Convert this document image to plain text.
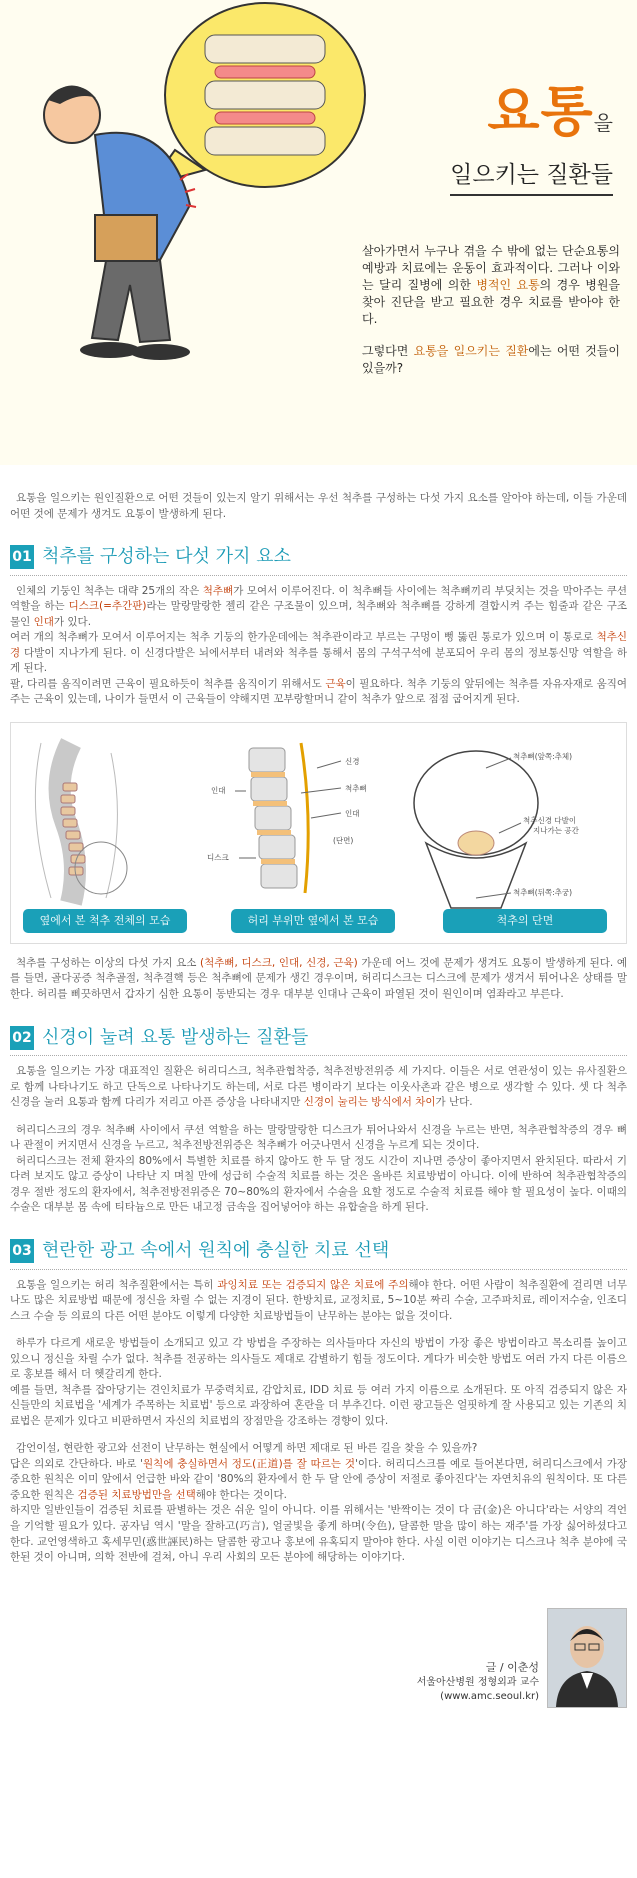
요통을
일으키는 질환들

살아가면서 누구나 겪을 수 밖에 없는 단순요통의 예방과 치료에는 운동이 효과적이다. 그러나 이와는 달리 질병에 의한 병적인 요통의 경우 병원을 찾아 진단을 받고 필요한 경우 치료를 받아야 한다.

그렇다면 요통을 일으키는 질환에는 어떤 것들이 있을까?

요통을 일으키는 원인질환으로 어떤 것들이 있는지 알기 위해서는 우선 척추를 구성하는 다섯 가지 요소를 알아야 하는데, 이들 가운데 어떤 것에 문제가 생겨도 요통이 발생하게 된다.
01 척추를 구성하는 다섯 가지 요소
인체의 기둥인 척추는 대략 25개의 작은 척추뼈가 모여서 이루어진다. 이 척추뼈들 사이에는 척추뼈끼리 부딪치는 것을 막아주는 쿠션 역할을 하는 디스크(=추간판)라는 말랑말랑한 젤리 같은 구조물이 있으며, 척추뼈와 척추뼈를 강하게 결합시켜 주는 힘줄과 같은 구조물인 인대가 있다.
여러 개의 척추뼈가 모여서 이루어지는 척추 기둥의 한가운데에는 척추관이라고 부르는 구멍이 뻥 뚫린 통로가 있으며 이 통로로 척추신경 다발이 지나가게 된다. 이 신경다발은 뇌에서부터 내려와 척추를 통해서 몸의 구석구석에 분포되어 우리 몸의 정보통신망 역할을 하게 된다.
팔, 다리를 움직이려면 근육이 필요하듯이 척추를 움직이기 위해서도 근육이 필요하다. 척추 기둥의 앞뒤에는 척추를 자유자재로 움직여 주는 근육이 있는데, 나이가 들면서 이 근육들이 약해지면 꼬부랑할머니 같이 척추가 앞으로 점점 굽어지게 된다.
신경
척추뼈
인대
인대
(단면)
디스크
척추뼈(앞쪽:추체)
척추신경 다발이
지나가는 공간
척추뼈(뒤쪽:추궁)
옆에서 본 척추 전체의 모습	허리 부위만 옆에서 본 모습	척추의 단면
척추를 구성하는 이상의 다섯 가지 요소 (척추뼈, 디스크, 인대, 신경, 근육) 가운데 어느 것에 문제가 생겨도 요통이 발생하게 된다. 예를 들면, 골다공증 척추골절, 척추결핵 등은 척추뼈에 문제가 생긴 경우이며, 허리디스크는 디스크에 문제가 생겨서 튀어나온 상태를 말한다. 허리를 삐끗하면서 갑자기 심한 요통이 동반되는 경우 대부분 인대나 근육이 파열된 것이 원인이며 염좌라고 부른다.
02 신경이 눌려 요통 발생하는 질환들
요통을 일으키는 가장 대표적인 질환은 허리디스크, 척추관협착증, 척추전방전위증 세 가지다. 이들은 서로 연관성이 있는 유사질환으로 함께 나타나기도 하고 단독으로 나타나기도 하는데, 서로 다른 병이라기 보다는 이웃사촌과 같은 병으로 생각할 수 있다. 셋 다 척추 신경을 눌러 요통과 함께 다리가 저리고 아픈 증상을 나타내지만 신경이 눌리는 방식에서 차이가 난다.
허리디스크의 경우 척추뼈 사이에서 쿠션 역할을 하는 말랑말랑한 디스크가 튀어나와서 신경을 누르는 반면, 척추관협착증의 경우 뼈나 관절이 커지면서 신경을 누르고, 척추전방전위증은 척추뼈가 어긋나면서 신경을 누르게 되는 것이다.
허리디스크는 전체 환자의 80%에서 특별한 치료를 하지 않아도 한 두 달 정도 시간이 지나면 증상이 좋아지면서 완치된다. 따라서 기다려 보지도 않고 증상이 나타난 지 며칠 만에 성급히 수술적 치료를 하는 것은 올바른 치료방법이 아니다. 이에 반하여 척추관협착증의 경우 절반 정도의 환자에서, 척추전방전위증은 70~80%의 환자에서 수술을 요할 정도로 수술적 치료를 해야 할 필요성이 높다. 이때의 수술은 대부분 몸 속에 티타늄으로 만든 내고정 금속을 집어넣어야 하는 유합술을 하게 된다.
03 현란한 광고 속에서 원칙에 충실한 치료 선택
요통을 일으키는 허리 척추질환에서는 특히 과잉치료 또는 검증되지 않은 치료에 주의해야 한다. 어떤 사람이 척추질환에 걸리면 너무나도 많은 치료방법 때문에 정신을 차릴 수 없는 지경이 된다. 한방치료, 교정치료, 5~10분 짜리 수술, 고주파치료, 레이저수술, 인조디스크 수술 등 의료의 다른 어떤 분야도 이렇게 다양한 치료방법들이 난무하는 분야는 없을 것이다.
하루가 다르게 새로운 방법들이 소개되고 있고 각 방법을 주장하는 의사들마다 자신의 방법이 가장 좋은 방법이라고 목소리를 높이고 있으니 정신을 차릴 수가 없다. 척추를 전공하는 의사들도 제대로 감별하기 힘들 정도이다. 게다가 비슷한 방법도 여러 가지 다른 이름으로 홍보를 해서 더 헷갈리게 한다.
예를 들면, 척추를 잡아당기는 견인치료가 무중력치료, 감압치료, IDD 치료 등 여러 가지 이름으로 소개된다. 또 아직 검증되지 않은 자신들만의 치료법을 '세계가 주목하는 치료법' 등으로 과장하여 혼란을 더 부추긴다. 이런 광고들은 얼핏하게 잘 사용되고 있는 기존의 치료법은 문제가 있다고 비판하면서 자신의 치료법의 장점만을 강조하는 경향이 있다.
감언이설, 현란한 광고와 선전이 난무하는 현실에서 어떻게 하면 제대로 된 바른 길을 찾을 수 있을까?
답은 의외로 간단하다. 바로 '원칙에 충실하면서 정도(正道)를 잘 따르는 것'이다. 허리디스크를 예로 들어본다면, 허리디스크에서 가장 중요한 원칙은 이미 앞에서 언급한 바와 같이 '80%의 환자에서 한 두 달 안에 증상이 저절로 좋아진다'는 자연치유의 원칙이다. 또 다른 중요한 원칙은 검증된 치료방법만을 선택해야 한다는 것이다.
하지만 일반인들이 검증된 치료를 판별하는 것은 쉬운 일이 아니다. 이를 위해서는 '반짝이는 것이 다 금(金)은 아니다'라는 서양의 격언을 기억할 필요가 있다. 공자님 역시 '말을 잘하고(巧言), 얼굴빛을 좋게 하며(令色), 달콤한 말을 많이 하는 재주'를 가장 싫어하셨다고 한다. 교언영색하고 혹세무민(惑世誣民)하는 달콤한 광고나 홍보에 유혹되지 말아야 한다. 사실 이런 이야기는 디스크나 척추 분야에 국한된 것이 아니며, 의학 전반에 걸쳐, 아니 우리 사회의 모든 분야에 해당하는 이야기다.
글 / 이춘성
서울아산병원 정형외과 교수
(www.amc.seoul.kr)
